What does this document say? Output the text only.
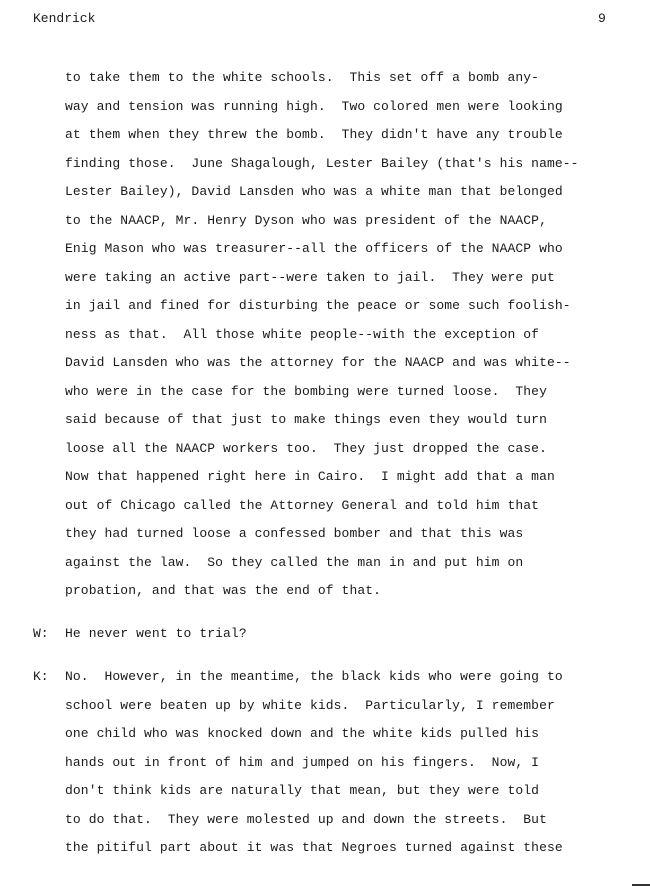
Kendrick	9
to take them to the white schools.  This set off a bomb any-
way and tension was running high.  Two colored men were looking
at them when they threw the bomb.  They didn't have any trouble
finding those.  June Shagalough, Lester Bailey (that's his name--
Lester Bailey), David Lansden who was a white man that belonged
to the NAACP, Mr. Henry Dyson who was president of the NAACP,
Enig Mason who was treasurer--all the officers of the NAACP who
were taking an active part--were taken to jail.  They were put
in jail and fined for disturbing the peace or some such foolish-
ness as that.  All those white people--with the exception of
David Lansden who was the attorney for the NAACP and was white--
who were in the case for the bombing were turned loose.  They
said because of that just to make things even they would turn
loose all the NAACP workers too.  They just dropped the case.
Now that happened right here in Cairo.  I might add that a man
out of Chicago called the Attorney General and told him that
they had turned loose a confessed bomber and that this was
against the law.  So they called the man in and put him on
probation, and that was the end of that.
W: He never went to trial?
K: No.  However, in the meantime, the black kids who were going to
school were beaten up by white kids.  Particularly, I remember
one child who was knocked down and the white kids pulled his
hands out in front of him and jumped on his fingers.  Now, I
don't think kids are naturally that mean, but they were told
to do that.  They were molested up and down the streets.  But
the pitiful part about it was that Negroes turned against these
